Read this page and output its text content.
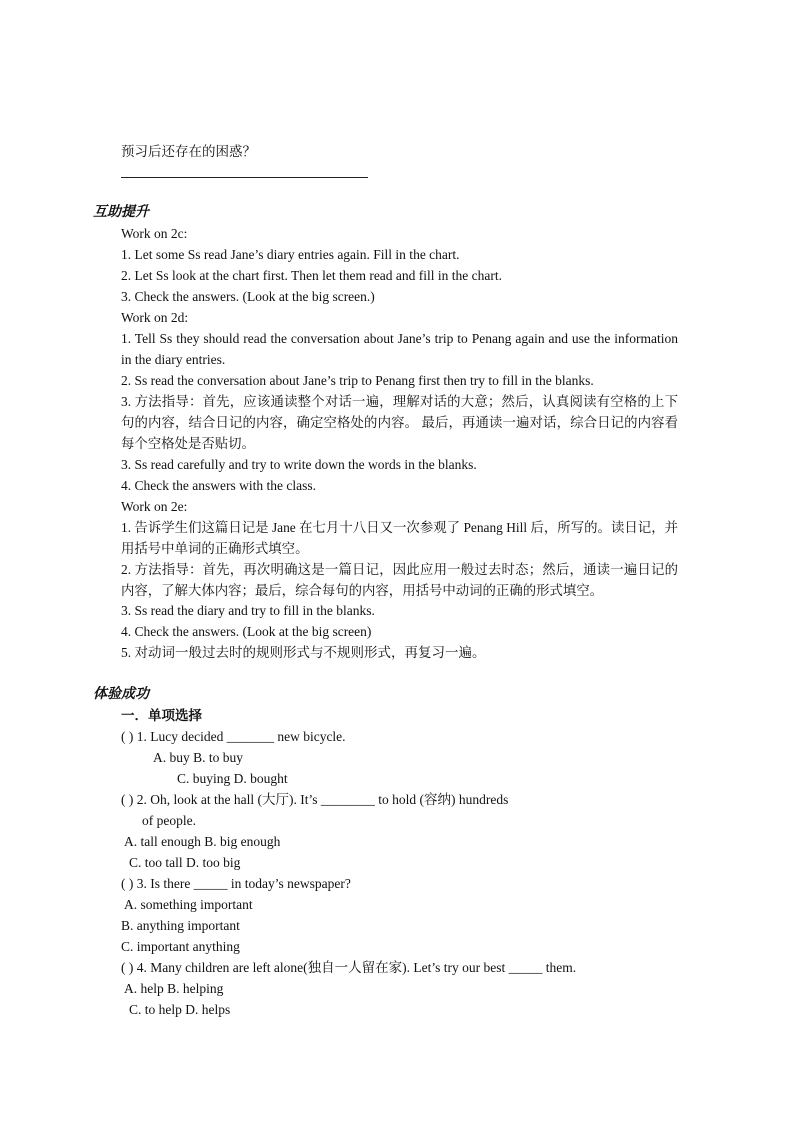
预习后还存在的困惑？
互助提升
Work on 2c:
1. Let some Ss read Jane’s diary entries again. Fill in the chart.
2. Let Ss look at the chart first. Then let them read and fill in the chart.
3. Check the answers. (Look at the big screen.)
Work on 2d:
1. Tell Ss they should read the conversation about Jane’s trip to Penang again and use the information in the diary entries.
2. Ss read the conversation about Jane’s trip to Penang first then try to fill in the blanks.
3. 方法指导：首先，应该通读整个对话一遍，理解对话的大意；然后，认真阅读有空格的上下句的内容，结合日记的内容，确定空格处的内容。 最后，再通读一遍对话，综合日记的内容看每个空格处是否贴切。
3. Ss read carefully and try to write down the words in the blanks.
4. Check the answers with the class.
Work on 2e:
1. 告诉学生们这篇日记是 Jane 在七月十八日又一次参观了 Penang Hill 后，所写的。读日记，并用括号中单词的正确形式填空。
2. 方法指导：首先，再次明确这是一篇日记，因此应用一般过去时态；然后，通读一遍日记的内容，了解大体内容；最后，综合每句的内容，用括号中动词的正确的形式填空。
3. Ss read the diary and try to fill in the blanks.
4. Check the answers. (Look at the big screen)
5. 对动词一般过去时的规则形式与不规则形式，再复习一遍。
体验成功
一．单项选择
( ) 1. Lucy decided _______ new bicycle.
A. buy B. to buy
C. buying D. bought
( ) 2. Oh, look at the hall (大厅). It’s ________ to hold (容纳) hundreds
of people.
A. tall enough B. big enough
C. too tall D. too big
( ) 3. Is there _____ in today’s newspaper?
A. something important
B. anything important
C. important anything
( ) 4. Many children are left alone(独自一人留在家). Let’s try our best _____ them.
A. help B. helping
C. to help D. helps
